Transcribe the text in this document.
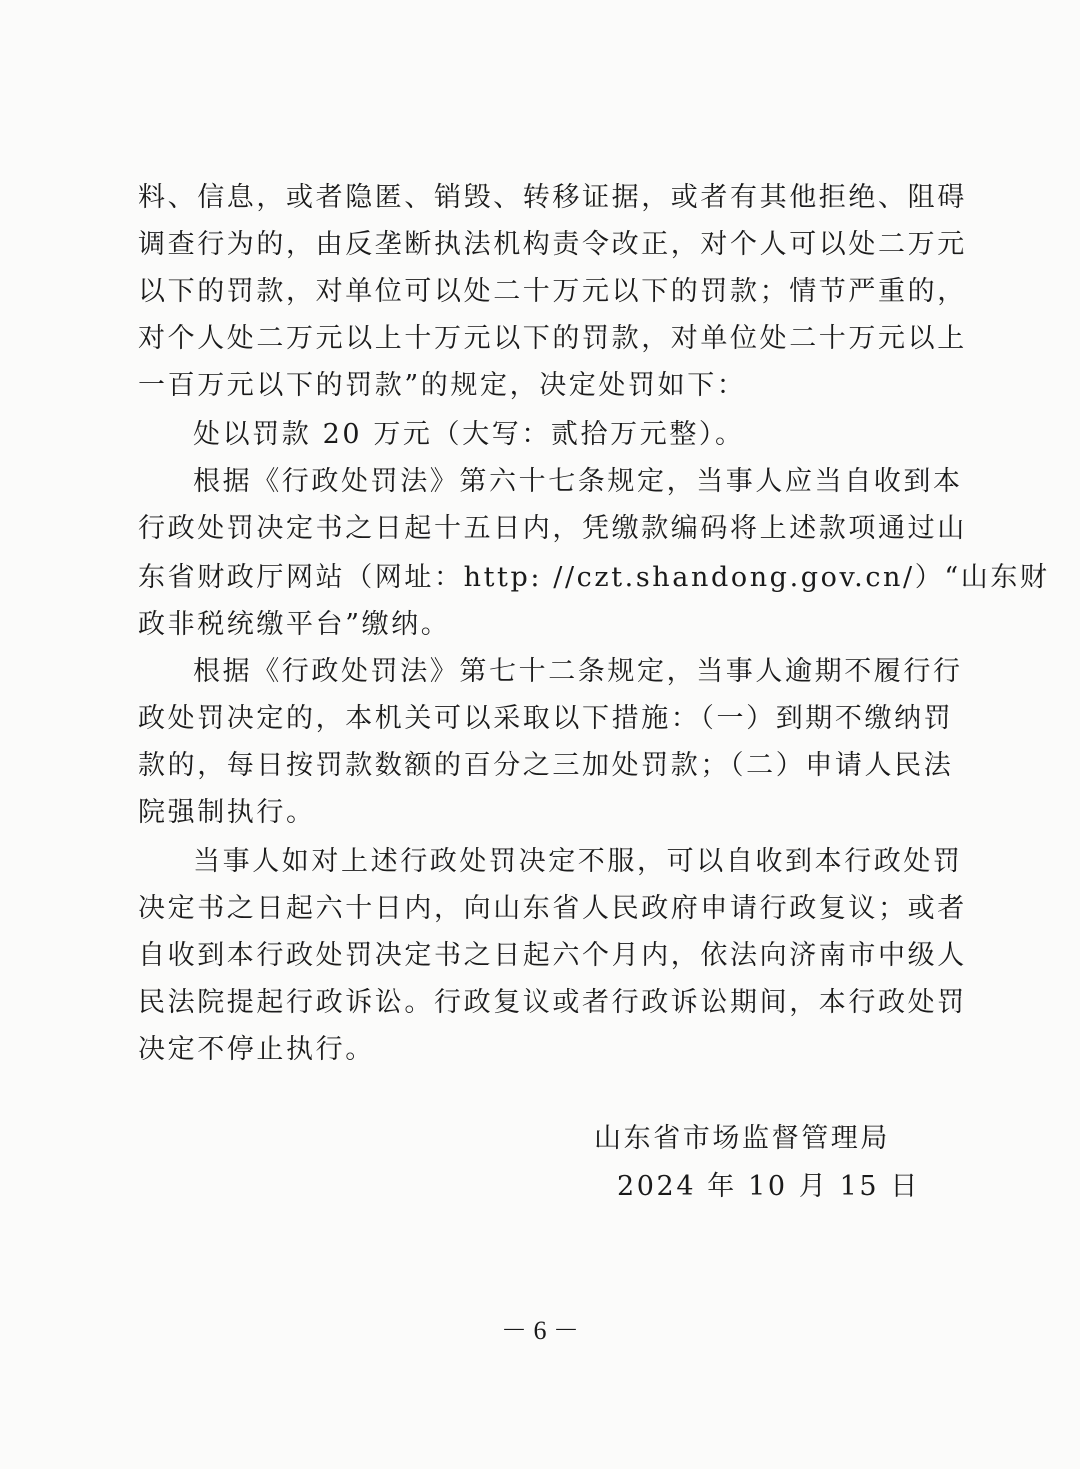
料、信息，或者隐匿、销毁、转移证据，或者有其他拒绝、阻碍
调查行为的，由反垄断执法机构责令改正，对个人可以处二万元
以下的罚款，对单位可以处二十万元以下的罚款；情节严重的，
对个人处二万元以上十万元以下的罚款，对单位处二十万元以上
一百万元以下的罚款”的规定，决定处罚如下：
处以罚款 20 万元（大写：贰拾万元整）。
根据《行政处罚法》第六十七条规定，当事人应当自收到本
行政处罚决定书之日起十五日内，凭缴款编码将上述款项通过山
东省财政厅网站（网址：http: //czt.shandong.gov.cn/）“山东财
政非税统缴平台”缴纳。
根据《行政处罚法》第七十二条规定，当事人逾期不履行行
政处罚决定的，本机关可以采取以下措施：（一）到期不缴纳罚
款的，每日按罚款数额的百分之三加处罚款；（二）申请人民法
院强制执行。
当事人如对上述行政处罚决定不服，可以自收到本行政处罚
决定书之日起六十日内，向山东省人民政府申请行政复议；或者
自收到本行政处罚决定书之日起六个月内，依法向济南市中级人
民法院提起行政诉讼。行政复议或者行政诉讼期间，本行政处罚
决定不停止执行。
山东省市场监督管理局
2024 年 10 月 15 日
－ 6 －
